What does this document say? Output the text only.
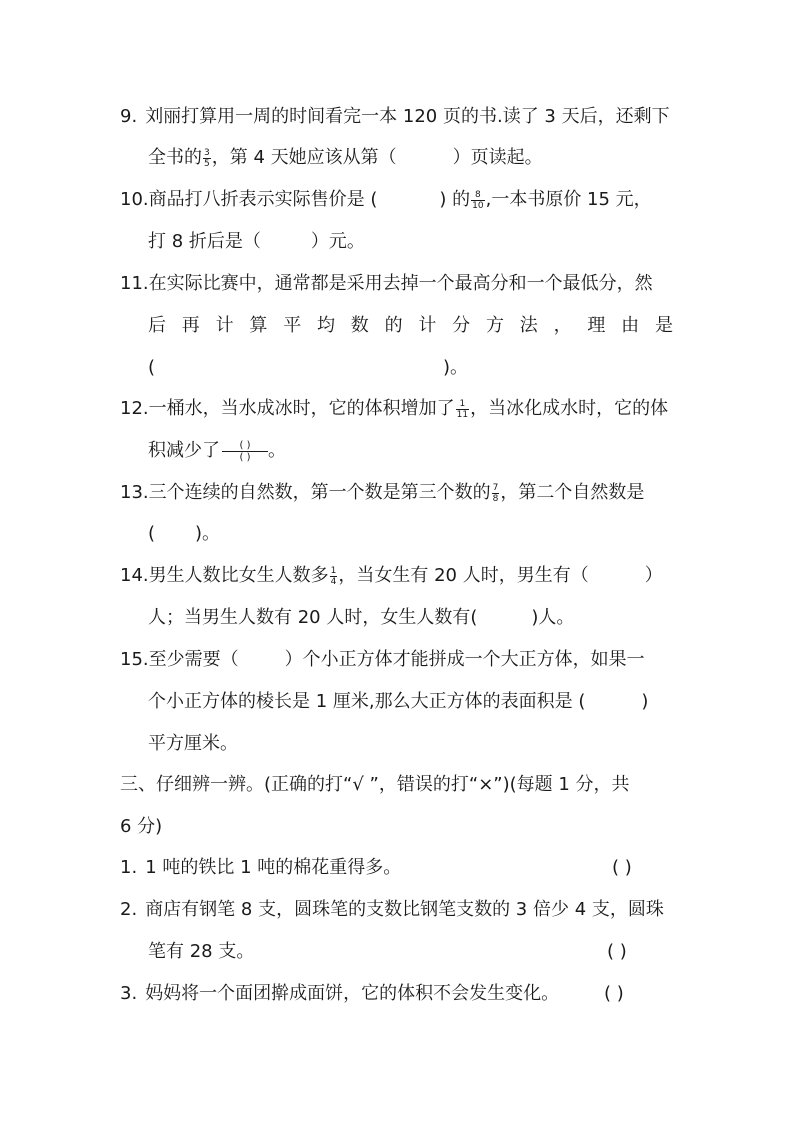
9. 刘丽打算用一周的时间看完一本 120 页的书.读了 3 天后，还剩下
全书的 $\frac{3}{5}$ ，第 4 天她应该从第（	）页读起。
10.商品打八折表示实际售价是 (	) 的 $\frac{8}{10}$ ,一本书原价 15 元，
打 8 折后是（	）元。
11.在实际比赛中，通常都是采用去掉一个最高分和一个最低分，然
后 再 计 算 平 均 数 的 计 分 方 法 ， 理 由 是
(	)。
12.一桶水，当水成冰时，它的体积增加了 $\frac{1}{11}$ ，当冰化成水时，它的体
积减少了	( )
( ) 。
13.三个连续的自然数，第一个数是第三个数的 $\frac{7}{8}$ ，第二个自然数是
( )。
14.男生人数比女生人数多 $\frac{1}{4}$ ，当女生有 20 人时，男生有（	）
人；当男生人数有 20 人时，女生人数有(	)人。
15.至少需要（	）个小正方体才能拼成一个大正方体，如果一
个小正方体的棱长是 1 厘米,那么大正方体的表面积是 (	)
平方厘米。
三、仔细辨一辨。(正确的打“√ ”，错误的打“×”)(每题 1 分，共
6 分)
1. 1 吨的铁比 1 吨的棉花重得多。	( )
2. 商店有钢笔 8 支，圆珠笔的支数比钢笔支数的 3 倍少 4 支，圆珠
笔有 28 支。	( )
3. 妈妈将一个面团擀成面饼，它的体积不会发生变化。 ( )
